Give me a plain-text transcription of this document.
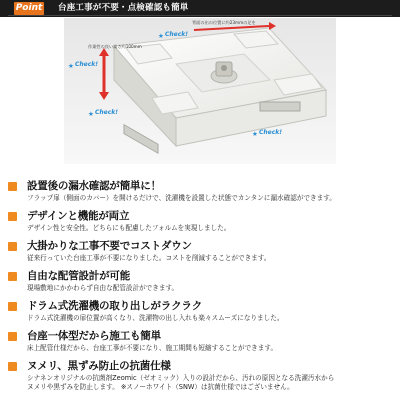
Point 台座工事が不要・点検確認も簡単
★
★
★
★
Check!
Check!
Check!
Check!
背面の出の位置に約23mmの足を
作業性の良い高さ約100mm
設置後の漏水確認が簡単に！
フラップ扉（側面のカバー）を開けるだけで、洗濯機を設置した状態でカンタンに漏水確認ができます。
デザインと機能が両立
デザイン性と安全性。どちらにも配慮したフォルムを実現しました。
大掛かりな工事不要でコストダウン
従来行っていた台座工事が不要になりました。コストを削減することができます。
自由な配管設計が可能
現場敷地にかかわらず自由な配管設計ができます。
ドラム式洗濯機の取り出しがラクラク
ドラム式洗濯機の扉位置が高くなり、洗濯物の出し入れも楽々スムーズになりました。
台座一体型だから施工も簡単
床上配管仕様だから、台座工事が不要になり、施工期間も短縮することができます。
ヌメリ、黒ずみ防止の抗菌仕様
シナネンオリジナルの抗菌剤Zeomic（ゼオミック）入りの設計だから、汚れの原因となる洗濯汚水から
ヌメリや黒ずみを防止します。 ※スノーホワイト（SNW）は抗菌仕様ではございません。
